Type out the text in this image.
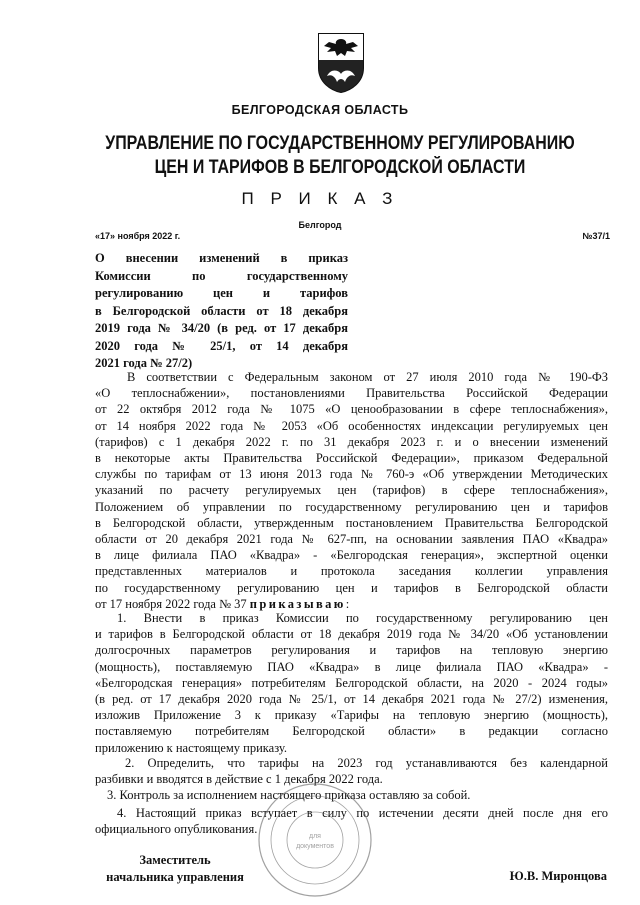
БЕЛГОРОДСКАЯ ОБЛАСТЬ
УПРАВЛЕНИЕ ПО ГОСУДАРСТВЕННОМУ РЕГУЛИРОВАНИЮ
ЦЕН И ТАРИФОВ В БЕЛГОРОДСКОЙ ОБЛАСТИ
П Р И К А З
Белгород
«17» ноября 2022 г.	№37/1
О внесении изменений в приказ
Комиссии по государственному
регулированию цен и тарифов
в Белгородской области от 18 декабря
2019 года № 34/20 (в ред. от 17 декабря
2020 года № 25/1, от 14 декабря
2021 года № 27/2)
В соответствии с Федеральным законом от 27 июля 2010 года № 190-ФЗ
«О теплоснабжении», постановлениями Правительства Российской Федерации
от 22 октября 2012 года № 1075 «О ценообразовании в сфере теплоснабжения»,
от 14 ноября 2022 года № 2053 «Об особенностях индексации регулируемых цен
(тарифов) с 1 декабря 2022 г. по 31 декабря 2023 г. и о внесении изменений
в некоторые акты Правительства Российской Федерации», приказом Федеральной
службы по тарифам от 13 июня 2013 года № 760-э «Об утверждении Методических
указаний по расчету регулируемых цен (тарифов) в сфере теплоснабжения»,
Положением об управлении по государственному регулированию цен и тарифов
в Белгородской области, утвержденным постановлением Правительства Белгородской
области от 20 декабря 2021 года № 627-пп, на основании заявления ПАО «Квадра»
в лице филиала ПАО «Квадра» - «Белгородская генерация», экспертной оценки
представленных материалов и протокола заседания коллегии управления
по государственному регулированию цен и тарифов в Белгородской области
от 17 ноября 2022 года № 37 приказываю:
1. Внести в приказ Комиссии по государственному регулированию цен
и тарифов в Белгородской области от 18 декабря 2019 года № 34/20 «Об установлении
долгосрочных параметров регулирования и тарифов на тепловую энергию
(мощность), поставляемую ПАО «Квадра» в лице филиала ПАО «Квадра» -
«Белгородская генерация» потребителям Белгородской области, на 2020 - 2024 годы»
(в ред. от 17 декабря 2020 года № 25/1, от 14 декабря 2021 года № 27/2) изменения,
изложив Приложение 3 к приказу «Тарифы на тепловую энергию (мощность),
поставляемую потребителям Белгородской области» в редакции согласно
приложению к настоящему приказу.
2. Определить, что тарифы на 2023 год устанавливаются без календарной
разбивки и вводятся в действие с 1 декабря 2022 года.
3. Контроль за исполнением настоящего приказа оставляю за собой.
4. Настоящий приказ вступает в силу по истечении десяти дней после дня его
официального опубликования.
для
документов
Заместитель
начальника управления	Ю.В. Миронцова
